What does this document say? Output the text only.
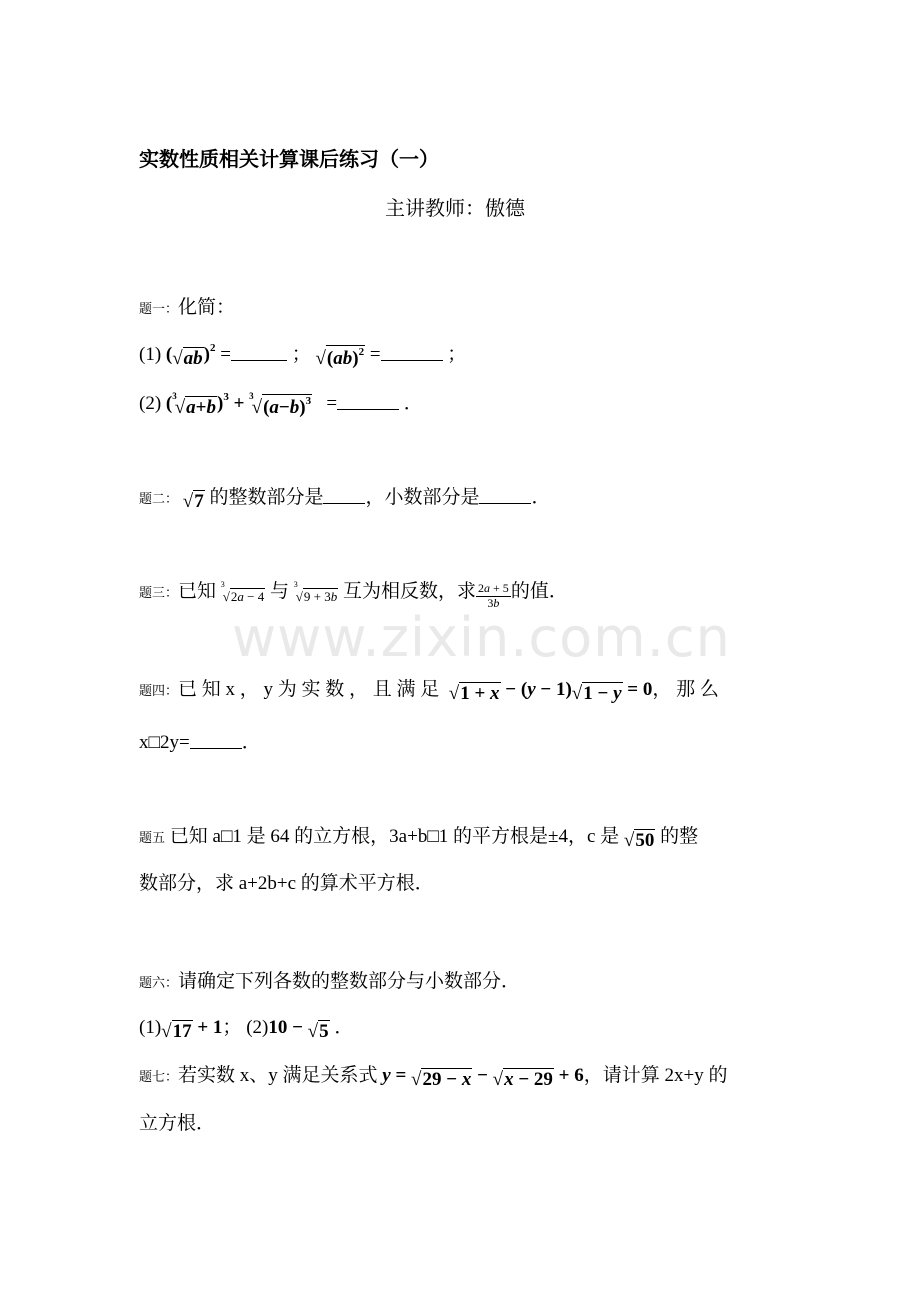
www.zixin.com.cn
实数性质相关计算课后练习（一）
主讲教师：傲德
题一：化简：
(1) $(√ab)^2$ =	； √(ab)$^2$ =	；
(2) $(^3√a+b)^3 + ^3√(a-b)^3$   =	．
题二： √7 的整数部分是 ，小数部分是	．
题三：已知 $^3$√2a − 4 与 $^3$√9 + 3b 互为相反数，求 $\frac{2a + 5}{3b}$的值．
题四：已 知 x ， y 为 实 数 ， 且 满 足 √1 + x − (y − 1)√1 − y = 0， 那 么
x□2y=	．
题五 已知 a□1 是 64 的立方根，3a+b□1 的平方根是±4，c 是 √50 的整
数部分，求 a+2b+c 的算术平方根．
题六：请确定下列各数的整数部分与小数部分．
(1)√17 + 1； (2)10 − √5 ．
题七：若实数 x、y 满足关系式 y = √29 − x − √x − 29 + 6，请计算 2x+y 的
立方根．
